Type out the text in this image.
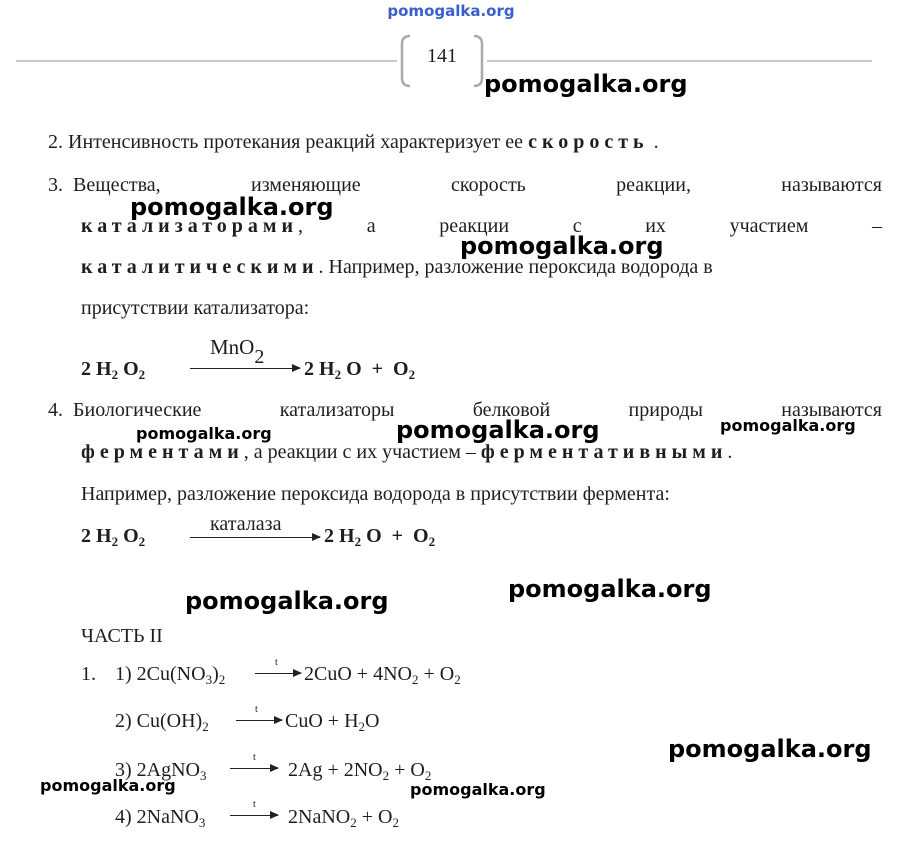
pomogalka.org
141
2. Интенсивность протекания реакций характеризует ее скорость .
3. Вещества,	изменяющие	скорость	реакции,	называются
катализаторами,	а	реакции	с	их	участием	–
каталитическими. Например, разложение пероксида водорода в
присутствии катализатора:
2 $H_2$ $O_2$
MnO2
2 $H_2$ $O + O_2$
4. Биологические	катализаторы	белковой	природы	называются
ферментами, а реакции с их участием – ферментативными.
Например, разложение пероксида водорода в присутствии фермента:
2 $H_2$ $O_2$
каталаза
2 $H_2$ $O + O_2$
ЧАСТЬ II
1. 1) $2Cu(NO_3)_2$
t
$2CuO + 4NO_2 + O_2$
2) $Cu(OH)_2$
t
CuO + $H_2O$
3) 2AgNO$_3$
t
$2Ag + 2NO_2 + O_2$
4) 2NaNO$_3$
t
2NaNO$_2$ + $O_2$
pomogalka.org
pomogalka.org
pomogalka.org
pomogalka.org	pomogalka.org	pomogalka.org
pomogalka.org	pomogalka.org
pomogalka.org
pomogalka.org	pomogalka.org
